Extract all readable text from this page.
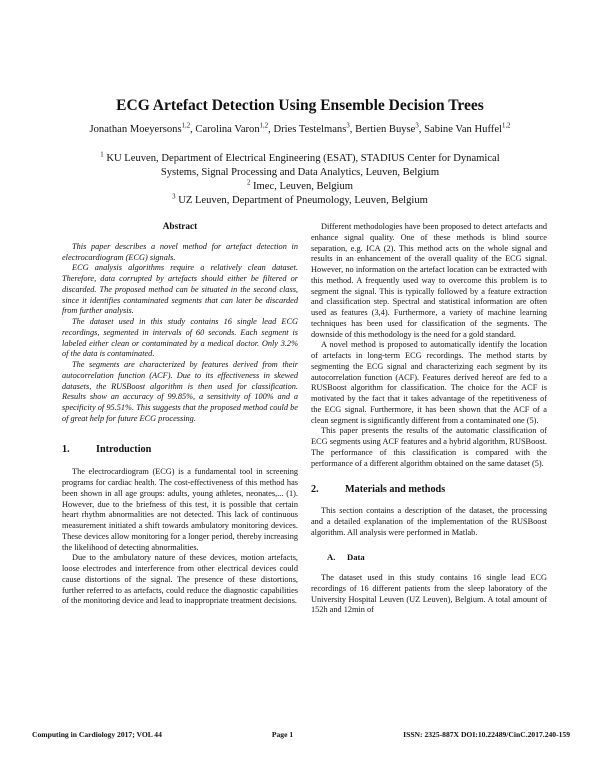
ECG Artefact Detection Using Ensemble Decision Trees
Jonathan Moeyersons$^{1,2}$, Carolina Varon$^{1,2}$, Dries Testelmans$^3$, Bertien Buyse$^3$, Sabine Van Huffel$^{1,2}$
$^1$ KU Leuven, Department of Electrical Engineering (ESAT), STADIUS Center for Dynamical
Systems, Signal Processing and Data Analytics, Leuven, Belgium
$^2$ Imec, Leuven, Belgium
$^3$ UZ Leuven, Department of Pneumology, Leuven, Belgium
Abstract

This paper describes a novel method for artefact detection in electrocardiogram (ECG) signals.

ECG analysis algorithms require a relatively clean dataset. Therefore, data corrupted by artefacts should either be filtered or discarded. The proposed method can be situated in the second class, since it identifies contaminated segments that can later be discarded from further analysis.

The dataset used in this study contains 16 single lead ECG recordings, segmented in intervals of 60 seconds. Each segment is labeled either clean or contaminated by a medical doctor. Only 3.2% of the data is contaminated.

The segments are characterized by features derived from their autocorrelation function (ACF). Due to its effectiveness in skewed datasets, the RUSBoost algorithm is then used for classification. Results show an accuracy of 99.85%, a sensitivity of 100% and a specificity of 95.51%. This suggests that the proposed method could be of great help for future ECG processing.

1.	Introduction

The electrocardiogram (ECG) is a fundamental tool in screening programs for cardiac health. The cost-effectiveness of this method has been shown in all age groups: adults, young athletes, neonates,... (1). However, due to the briefness of this test, it is possible that certain heart rhythm abnormalities are not detected. This lack of continuous measurement initiated a shift towards ambulatory monitoring devices. These devices allow monitoring for a longer period, thereby increasing the likelihood of detecting abnormalities.

Due to the ambulatory nature of these devices, motion artefacts, loose electrodes and interference from other electrical devices could cause distortions of the signal. The presence of these distortions, further referred to as artefacts, could reduce the diagnostic capabilities of the monitoring device and lead to inappropriate treatment decisions.

Different methodologies have been proposed to detect artefacts and enhance signal quality. One of these methods is blind source separation, e.g. ICA (2). This method acts on the whole signal and results in an enhancement of the overall quality of the ECG signal. However, no information on the artefact location can be extracted with this method. A frequently used way to overcome this problem is to segment the signal. This is typically followed by a feature extraction and classification step. Spectral and statistical information are often used as features (3,4). Furthermore, a variety of machine learning techniques has been used for classification of the segments. The downside of this methodology is the need for a gold standard.

A novel method is proposed to automatically identify the location of artefacts in long-term ECG recordings. The method starts by segmenting the ECG signal and characterizing each segment by its autocorrelation function (ACF). Features derived hereof are fed to a RUSBoost algorithm for classification. The choice for the ACF is motivated by the fact that it takes advantage of the repetitiveness of the ECG signal. Furthermore, it has been shown that the ACF of a clean segment is significantly different from a contaminated one (5).

This paper presents the results of the automatic classification of ECG segments using ACF features and a hybrid algorithm, RUSBoost. The performance of this classification is compared with the performance of a different algorithm obtained on the same dataset (5).

2.	Materials and methods

This section contains a description of the dataset, the processing and a detailed explanation of the implementation of the RUSBoost algorithm. All analysis were performed in Matlab.

A.	Data

The dataset used in this study contains 16 single lead ECG recordings of 16 different patients from the sleep laboratory of the University Hospital Leuven (UZ Leuven), Belgium. A total amount of 152h and 12min of

Computing in Cardiology 2017; VOL 44	Page 1	ISSN: 2325-887X DOI:10.22489/CinC.2017.240-159
